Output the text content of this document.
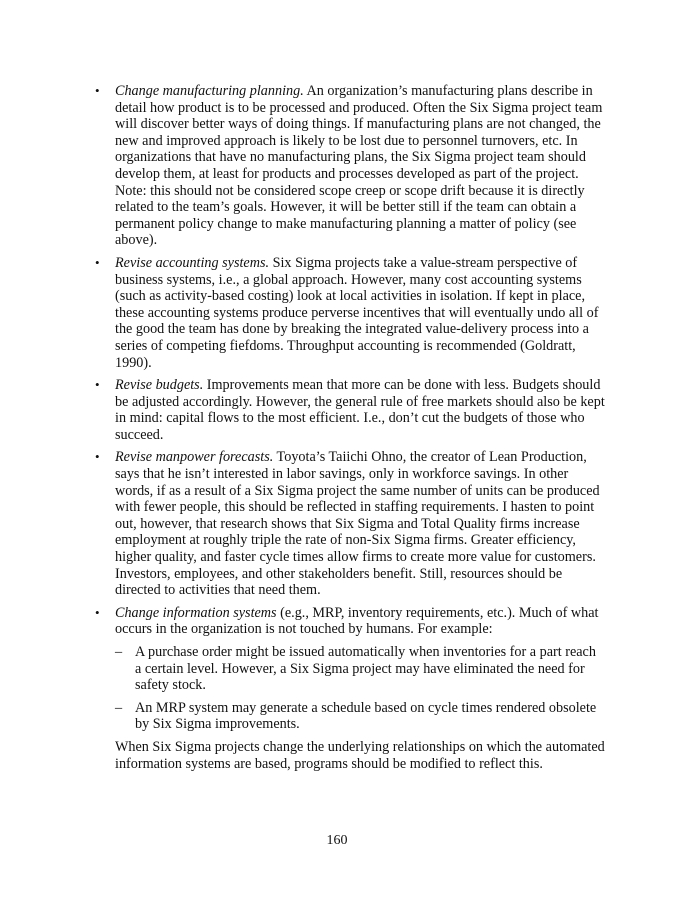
• Change manufacturing planning. An organization’s manufacturing plans describe in detail how product is to be processed and produced. Often the Six Sigma project team will discover better ways of doing things. If manufacturing plans are not changed, the new and improved approach is likely to be lost due to personnel turnovers, etc. In organizations that have no manufacturing plans, the Six Sigma project team should develop them, at least for products and processes developed as part of the project. Note: this should not be considered scope creep or scope drift because it is directly related to the team’s goals. However, it will be better still if the team can obtain a permanent policy change to make manufacturing planning a matter of policy (see above).
• Revise accounting systems. Six Sigma projects take a value-stream perspective of business systems, i.e., a global approach. However, many cost accounting systems (such as activity-based costing) look at local activities in isolation. If kept in place, these accounting systems produce perverse incentives that will eventually undo all of the good the team has done by breaking the integrated value-delivery process into a series of competing fiefdoms. Throughput accounting is recommended (Goldratt, 1990).
• Revise budgets. Improvements mean that more can be done with less. Budgets should be adjusted accordingly. However, the general rule of free markets should also be kept in mind: capital flows to the most efficient. I.e., don’t cut the budgets of those who succeed.
• Revise manpower forecasts. Toyota’s Taiichi Ohno, the creator of Lean Production, says that he isn’t interested in labor savings, only in workforce savings. In other words, if as a result of a Six Sigma project the same number of units can be produced with fewer people, this should be reflected in staffing requirements. I hasten to point out, however, that research shows that Six Sigma and Total Quality firms increase employment at roughly triple the rate of non-Six Sigma firms. Greater efficiency, higher quality, and faster cycle times allow firms to create more value for customers. Investors, employees, and other stakeholders benefit. Still, resources should be directed to activities that need them.
• Change information systems (e.g., MRP, inventory requirements, etc.). Much of what occurs in the organization is not touched by humans. For example:
– A purchase order might be issued automatically when inventories for a part reach a certain level. However, a Six Sigma project may have eliminated the need for safety stock.
– An MRP system may generate a schedule based on cycle times rendered obsolete by Six Sigma improvements.

When Six Sigma projects change the underlying relationships on which the automated information systems are based, programs should be modified to reflect this.

160
